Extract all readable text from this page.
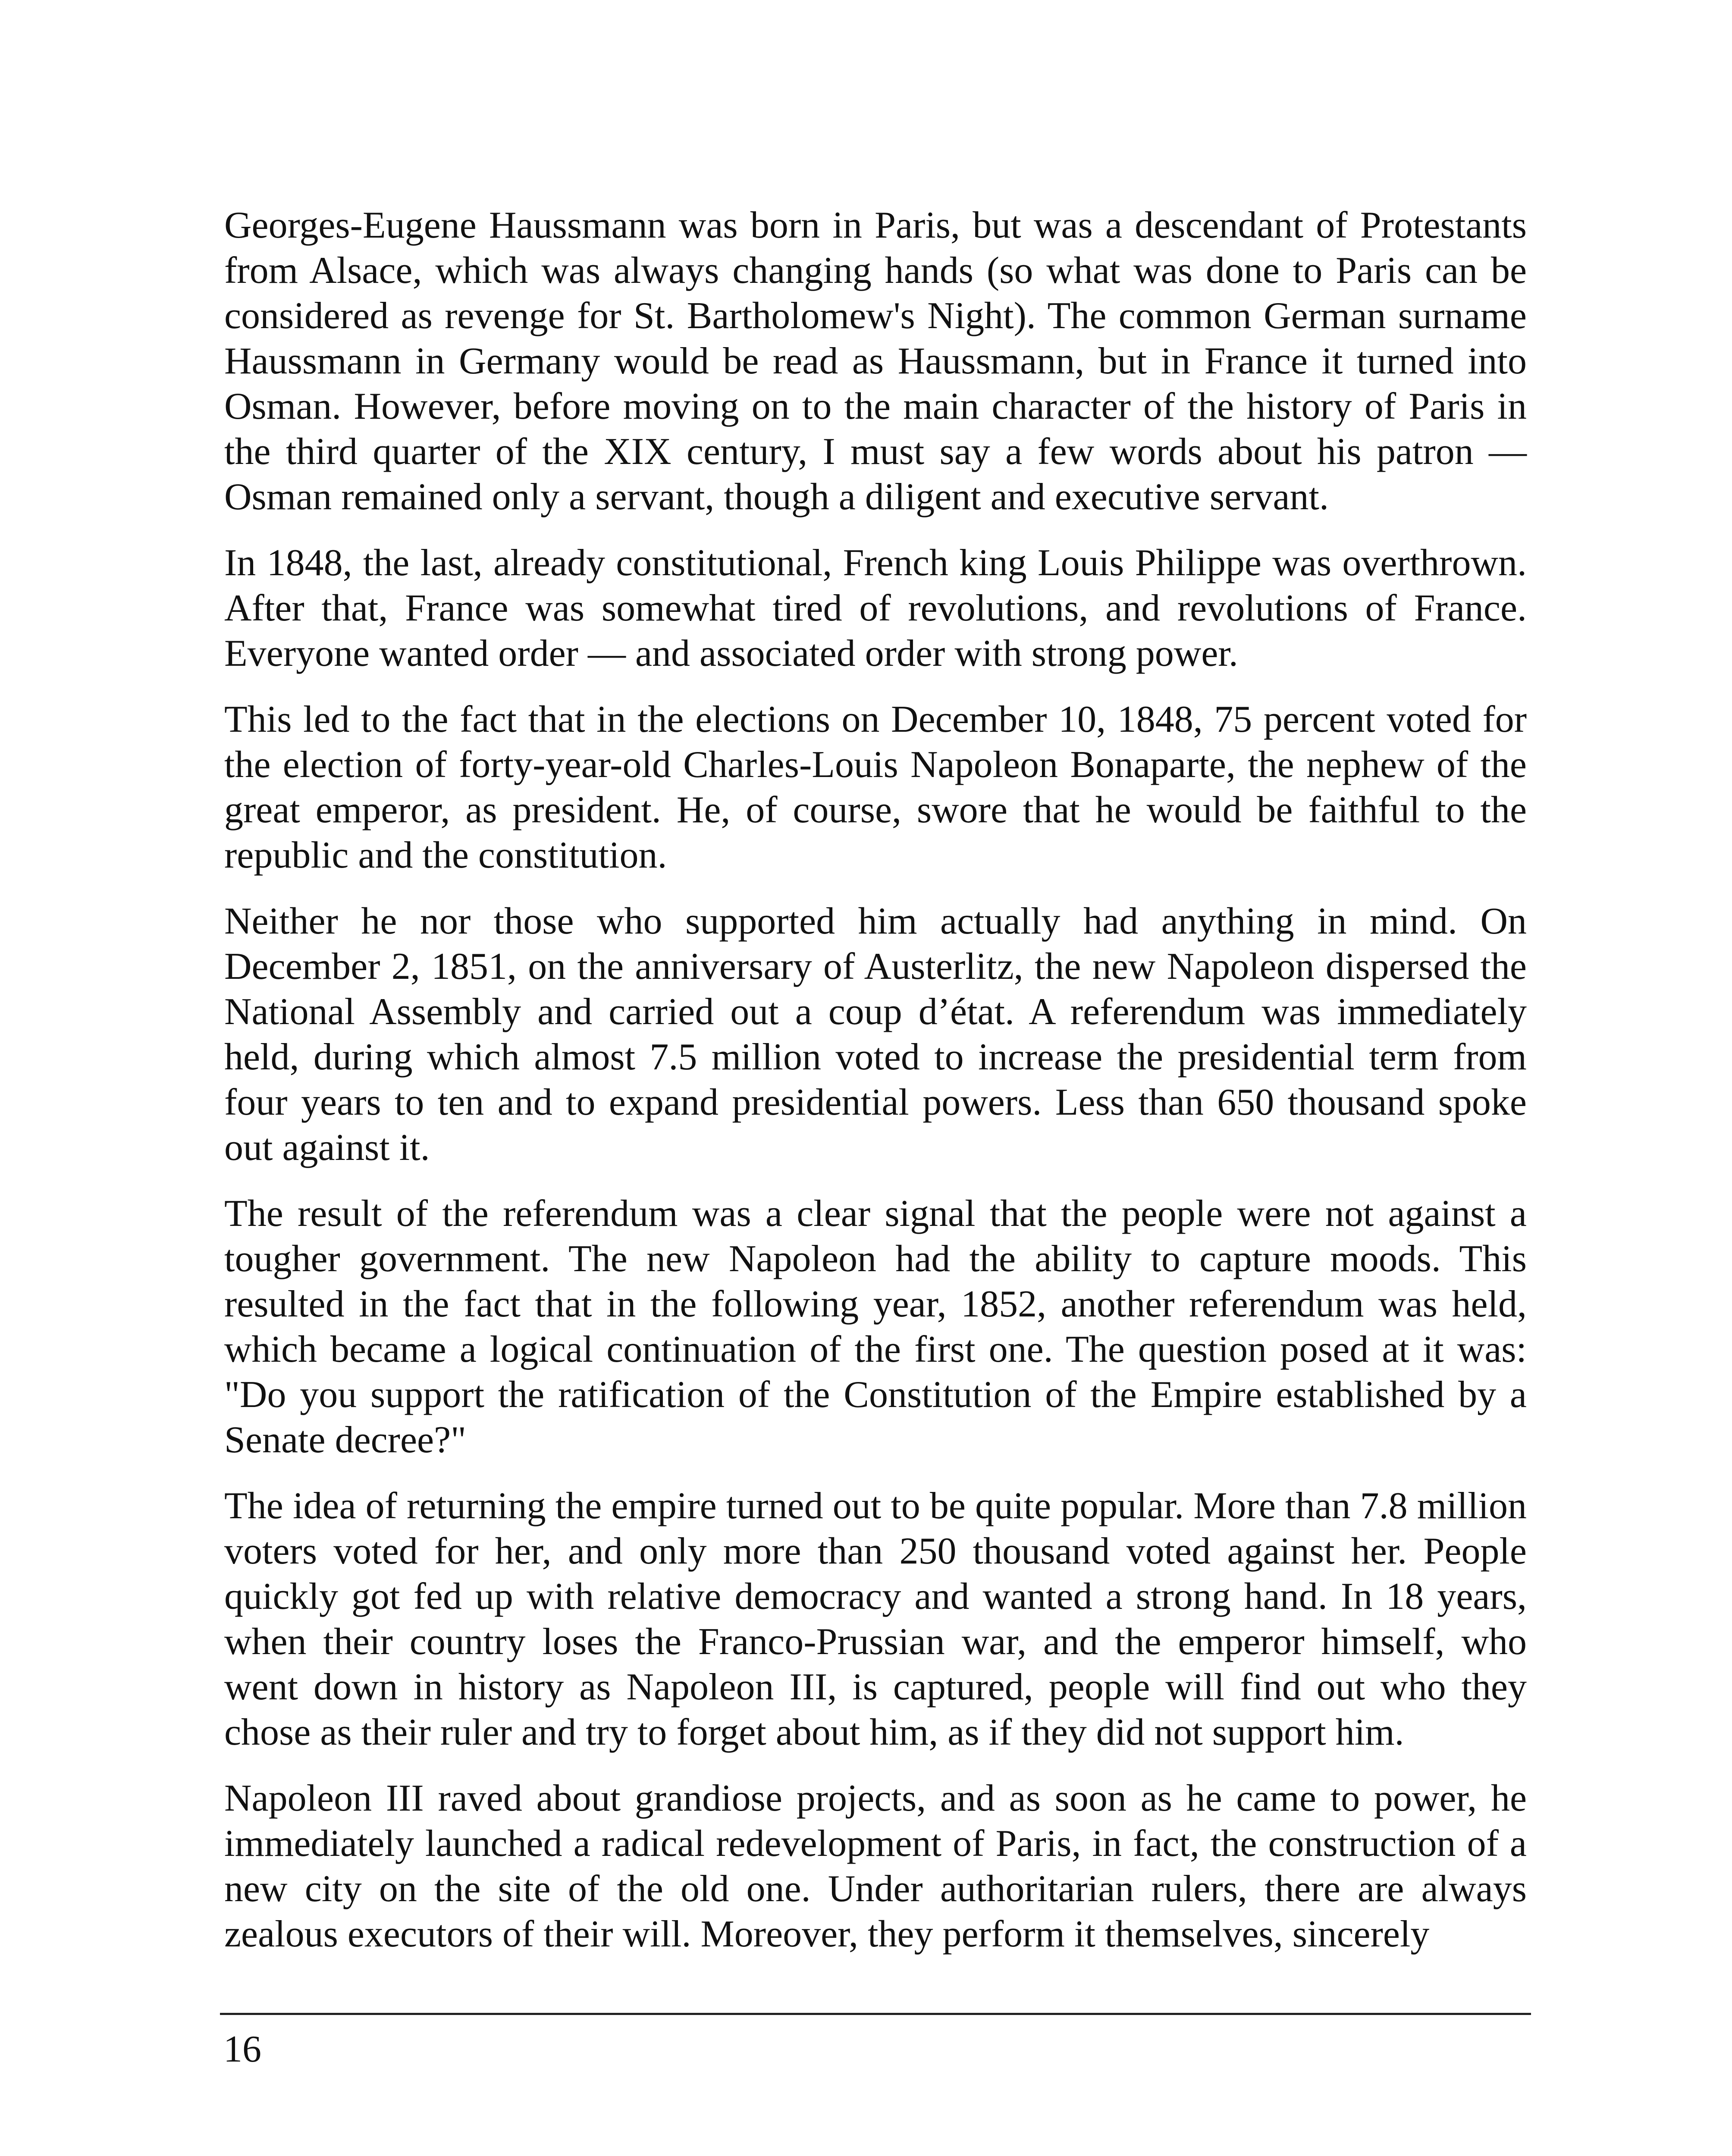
Georges-Eugene Haussmann was born in Paris, but was a descendant of Protestants from Alsace, which was always changing hands (so what was done to Paris can be considered as revenge for St. Bartholomew's Night). The common German surname Haussmann in Germany would be read as Haussmann, but in France it turned into Osman. However, before moving on to the main character of the history of Paris in the third quarter of the XIX century, I must say a few words about his patron — Osman remained only a servant, though a diligent and executive servant.

In 1848, the last, already constitutional, French king Louis Philippe was overthrown. After that, France was somewhat tired of revolutions, and revolutions of France. Everyone wanted order — and associated order with strong power.

This led to the fact that in the elections on December 10, 1848, 75 percent voted for the election of forty-year-old Charles-Louis Napoleon Bonaparte, the nephew of the great emperor, as president. He, of course, swore that he would be faithful to the republic and the constitution.

Neither he nor those who supported him actually had anything in mind. On December 2, 1851, on the anniversary of Austerlitz, the new Napoleon dispersed the National Assembly and carried out a coup d’état. A referendum was immediately held, during which almost 7.5 million voted to increase the presidential term from four years to ten and to expand presidential powers. Less than 650 thousand spoke out against it.

The result of the referendum was a clear signal that the people were not against a tougher government. The new Napoleon had the ability to capture moods. This resulted in the fact that in the following year, 1852, another referendum was held, which became a logical continuation of the first one. The question posed at it was: "Do you support the ratification of the Constitution of the Empire established by a Senate decree?"

The idea of returning the empire turned out to be quite popular. More than 7.8 million voters voted for her, and only more than 250 thousand voted against her. People quickly got fed up with relative democracy and wanted a strong hand. In 18 years, when their country loses the Franco-Prussian war, and the emperor himself, who went down in history as Napoleon III, is captured, people will find out who they chose as their ruler and try to forget about him, as if they did not support him.

Napoleon III raved about grandiose projects, and as soon as he came to power, he immediately launched a radical redevelopment of Paris, in fact, the construction of a new city on the site of the old one. Under authoritarian rulers, there are always zealous executors of their will. Moreover, they perform it themselves, sincerely

16
